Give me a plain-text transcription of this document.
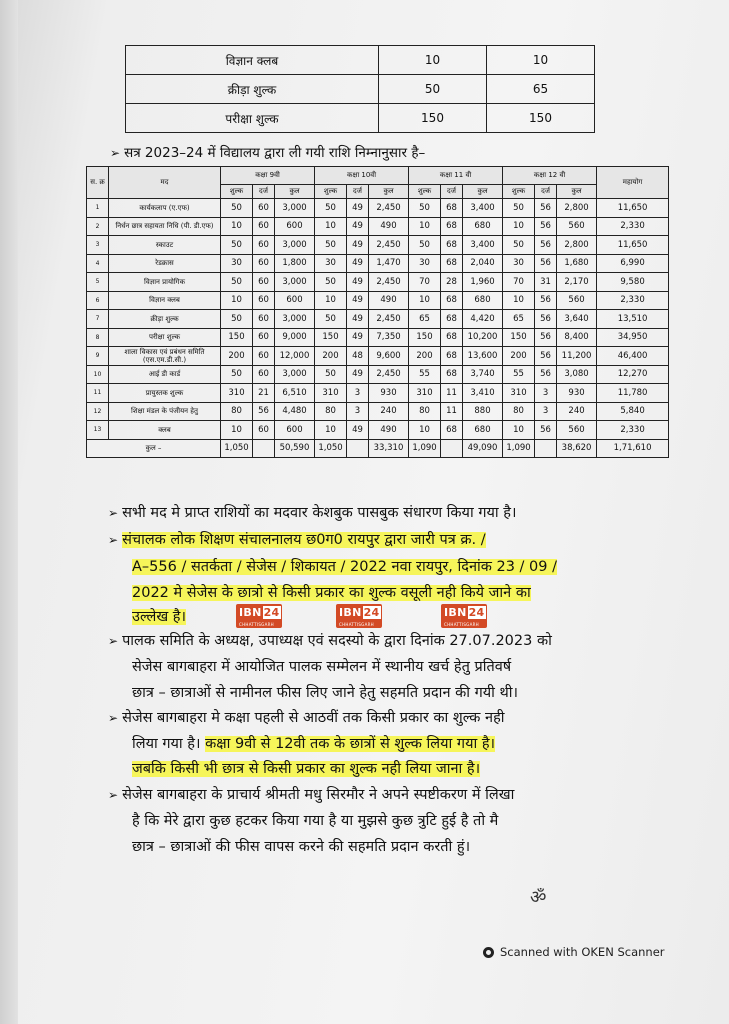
विज्ञान क्लब	10	10
क्रीड़ा शुल्क	50	65
परीक्षा शुल्क	150	150
➢ सत्र 2023–24 में विद्यालय द्वारा ली गयी राशि निम्नानुसार है–
स. क्र	मद	कक्षा 9वी			कक्षा 10वी			कक्षा 11 वी			कक्षा 12 वी			महायोग
		शुल्क	दर्ज	कुल	शुल्क	दर्ज	कुल	शुल्क	दर्ज	कुल	शुल्क	दर्ज	कुल	
1	कार्यकलाप (ए.एफ)	50	60	3,000	50	49	2,450	50	68	3,400	50	56	2,800	11,650
2	निर्धन छात्र सहायता निधि (पी. डी.एफ)	10	60	600	10	49	490	10	68	680	10	56	560	2,330
3	स्काउट	50	60	3,000	50	49	2,450	50	68	3,400	50	56	2,800	11,650
4	रेडक्रास	30	60	1,800	30	49	1,470	30	68	2,040	30	56	1,680	6,990
5	विज्ञान प्रायोगिक	50	60	3,000	50	49	2,450	70	28	1,960	70	31	2,170	9,580
6	विज्ञान क्लब	10	60	600	10	49	490	10	68	680	10	56	560	2,330
7	क्रीड़ा शुल्क	50	60	3,000	50	49	2,450	65	68	4,420	65	56	3,640	13,510
8	परीक्षा शुल्क	150	60	9,000	150	49	7,350	150	68	10,200	150	56	8,400	34,950
9	शाला विकास एवं प्रबंधन समिति (एस.एम.डी.सी.)	200	60	12,000	200	48	9,600	200	68	13,600	200	56	11,200	46,400
10	आई डी कार्ड	50	60	3,000	50	49	2,450	55	68	3,740	55	56	3,080	12,270
11	प्रायुस्तक शुल्क	310	21	6,510	310	3	930	310	11	3,410	310	3	930	11,780
12	शिक्षा मंडल के पंजीयन हेतु	80	56	4,480	80	3	240	80	11	880	80	3	240	5,840
13	क्लब	10	60	600	10	49	490	10	68	680	10	56	560	2,330
कुल –		1,050		50,590	1,050		33,310	1,090		49,090	1,090		38,620	1,71,610
➢ सभी मद मे प्राप्त राशियों का मदवार केशबुक पासबुक संधारण किया गया है।
➢ संचालक लोक शिक्षण संचालनालय छ0ग0 रायपुर द्वारा जारी पत्र क्र. /
A–556 / सतर्कता / सेजेस / शिकायत / 2022 नवा रायपुर, दिनांक 23 / 09 /
2022 मे सेजेस के छात्रो से किसी प्रकार का शुल्क वसूली नही किये जाने का
उल्लेख है।	IBN 24
CHHATTISGARH
IBN 24
CHHATTISGARH
IBN 24
CHHATTISGARH
➢ पालक समिति के अध्यक्ष, उपाध्यक्ष एवं सदस्यो के द्वारा दिनांक 27.07.2023 को
सेजेस बागबाहरा में आयोजित पालक सम्मेलन में स्थानीय खर्च हेतु प्रतिवर्ष
छात्र – छात्राओं से नामीनल फीस लिए जाने हेतु सहमति प्रदान की गयी थी।
➢ सेजेस बागबाहरा मे कक्षा पहली से आठवीं तक किसी प्रकार का शुल्क नही
लिया गया है। कक्षा 9वी से 12वी तक के छात्रों से शुल्क लिया गया है।
जबकि किसी भी छात्र से किसी प्रकार का शुल्क नही लिया जाना है।
➢ सेजेस बागबाहरा के प्राचार्य श्रीमती मधु सिरमौर ने अपने स्पष्टीकरण में लिखा
है कि मेरे द्वारा कुछ हटकर किया गया है या मुझसे कुछ त्रुटि हुई है तो मै
छात्र – छात्राओं की फीस वापस करने की सहमति प्रदान करती हुं।
ॐ
Scanned with OKEN Scanner
